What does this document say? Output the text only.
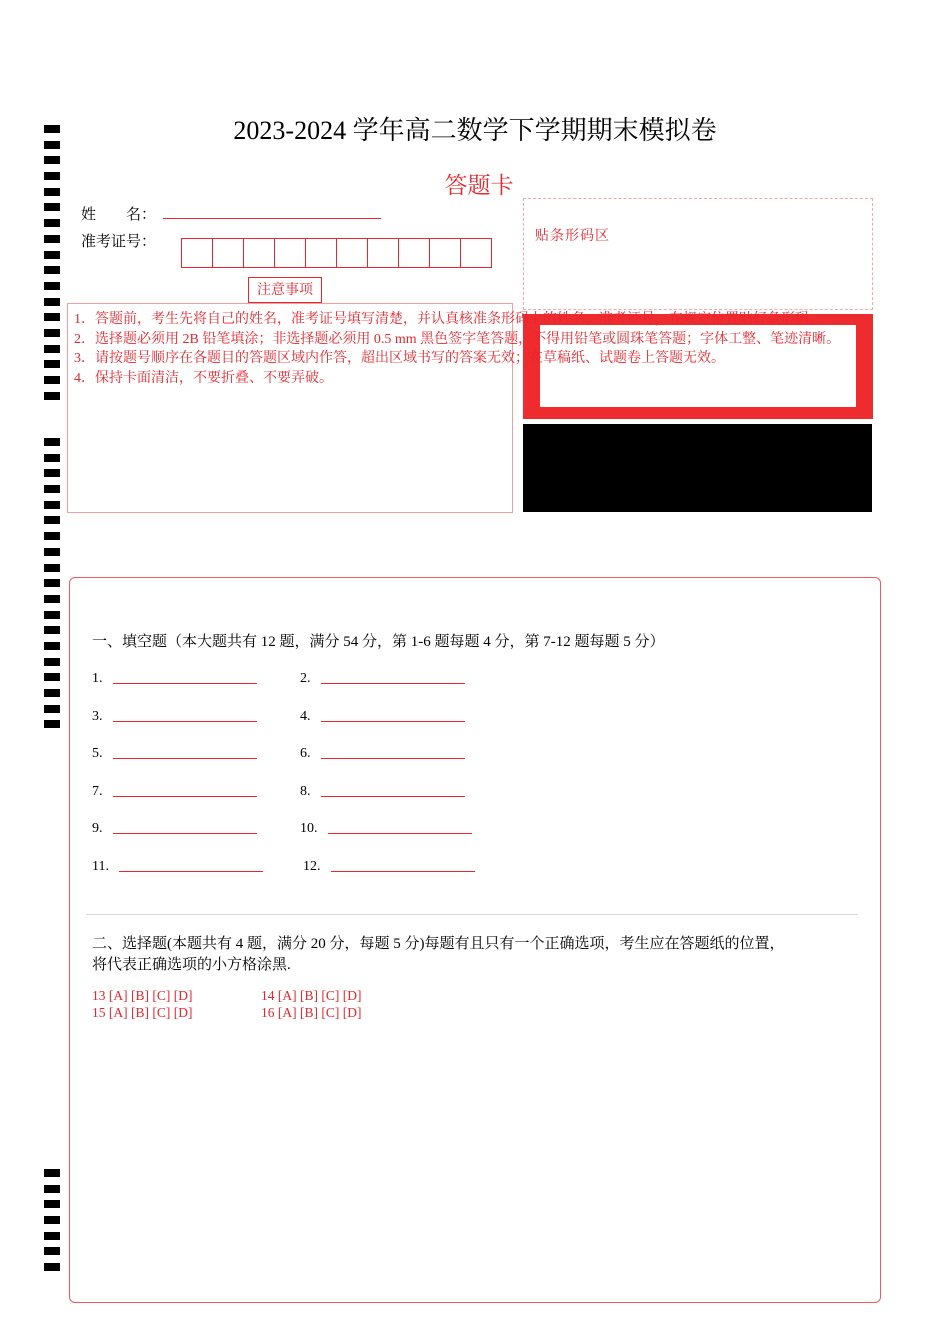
2023-2024 学年高二数学下学期期末模拟卷
答题卡
姓　　名：
准考证号：
注意事项
贴条形码区
1．答题前，考生先将自己的姓名，准考证号填写清楚，并认真核准条形码上的姓名、准考证号，在规定位置贴好条形码。
2．选择题必须用 2B 铅笔填涂；非选择题必须用 0.5 mm 黑色签字笔答题，不得用铅笔或圆珠笔答题；字体工整、笔迹清晰。
3．请按题号顺序在各题目的答题区域内作答，超出区域书写的答案无效；在草稿纸、试题卷上答题无效。
4．保持卡面清洁，不要折叠、不要弄破。
一、填空题（本大题共有 12 题，满分 54 分，第 1-6 题每题 4 分，第 7-12 题每题 5 分）
1.	2.
3.	4.
5.	6.
7.	8.
9.	10.
11.	12.
二、选择题(本题共有 4 题，满分 20 分，每题 5 分)每题有且只有一个正确选项，考生应在答题纸的位置，
将代表正确选项的小方格涂黑.
13 [A] [B] [C] [D]	14 [A] [B] [C] [D]
15 [A] [B] [C] [D]	16 [A] [B] [C] [D]
